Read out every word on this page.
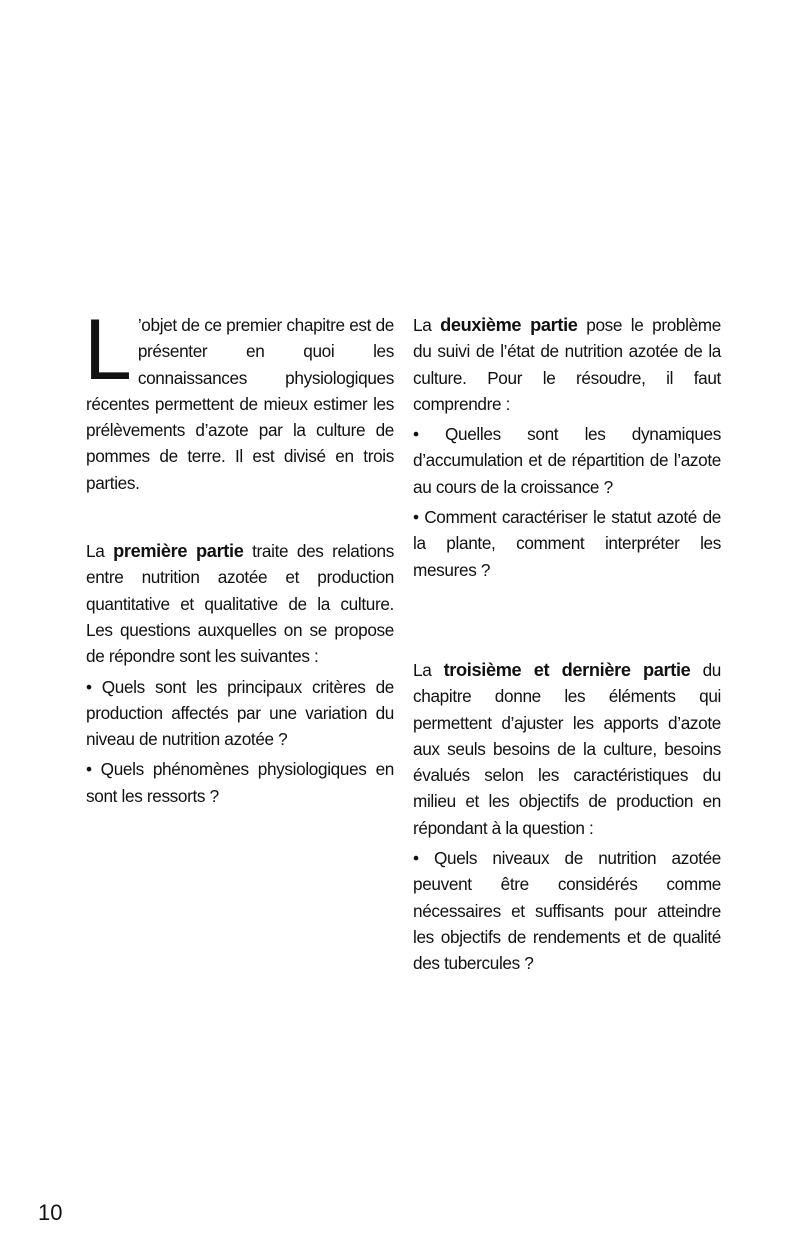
L ’objet de ce premier chapitre est de présenter en quoi les connaissances physiologiques récentes permettent de mieux estimer les prélèvements d’azote par la culture de pommes de terre. Il est divisé en trois parties.

La première partie traite des relations entre nutrition azotée et production quantitative et qualitative de la culture. Les questions auxquelles on se propose de répondre sont les suivantes :

• Quels sont les principaux critères de production affectés par une variation du niveau de nutrition azotée ?

• Quels phénomènes physiologiques en sont les ressorts ?

La deuxième partie pose le problème du suivi de l’état de nutrition azotée de la culture. Pour le résoudre, il faut comprendre :

• Quelles sont les dynamiques d’accumulation et de répartition de l’azote au cours de la croissance ?

• Comment caractériser le statut azoté de la plante, comment interpréter les mesures ?

La troisième et dernière partie du chapitre donne les éléments qui permettent d’ajuster les apports d’azote aux seuls besoins de la culture, besoins évalués selon les caractéristiques du milieu et les objectifs de production en répondant à la question :

• Quels niveaux de nutrition azotée peuvent être considérés comme nécessaires et suffisants pour atteindre les objectifs de rendements et de qualité des tubercules ?

10
